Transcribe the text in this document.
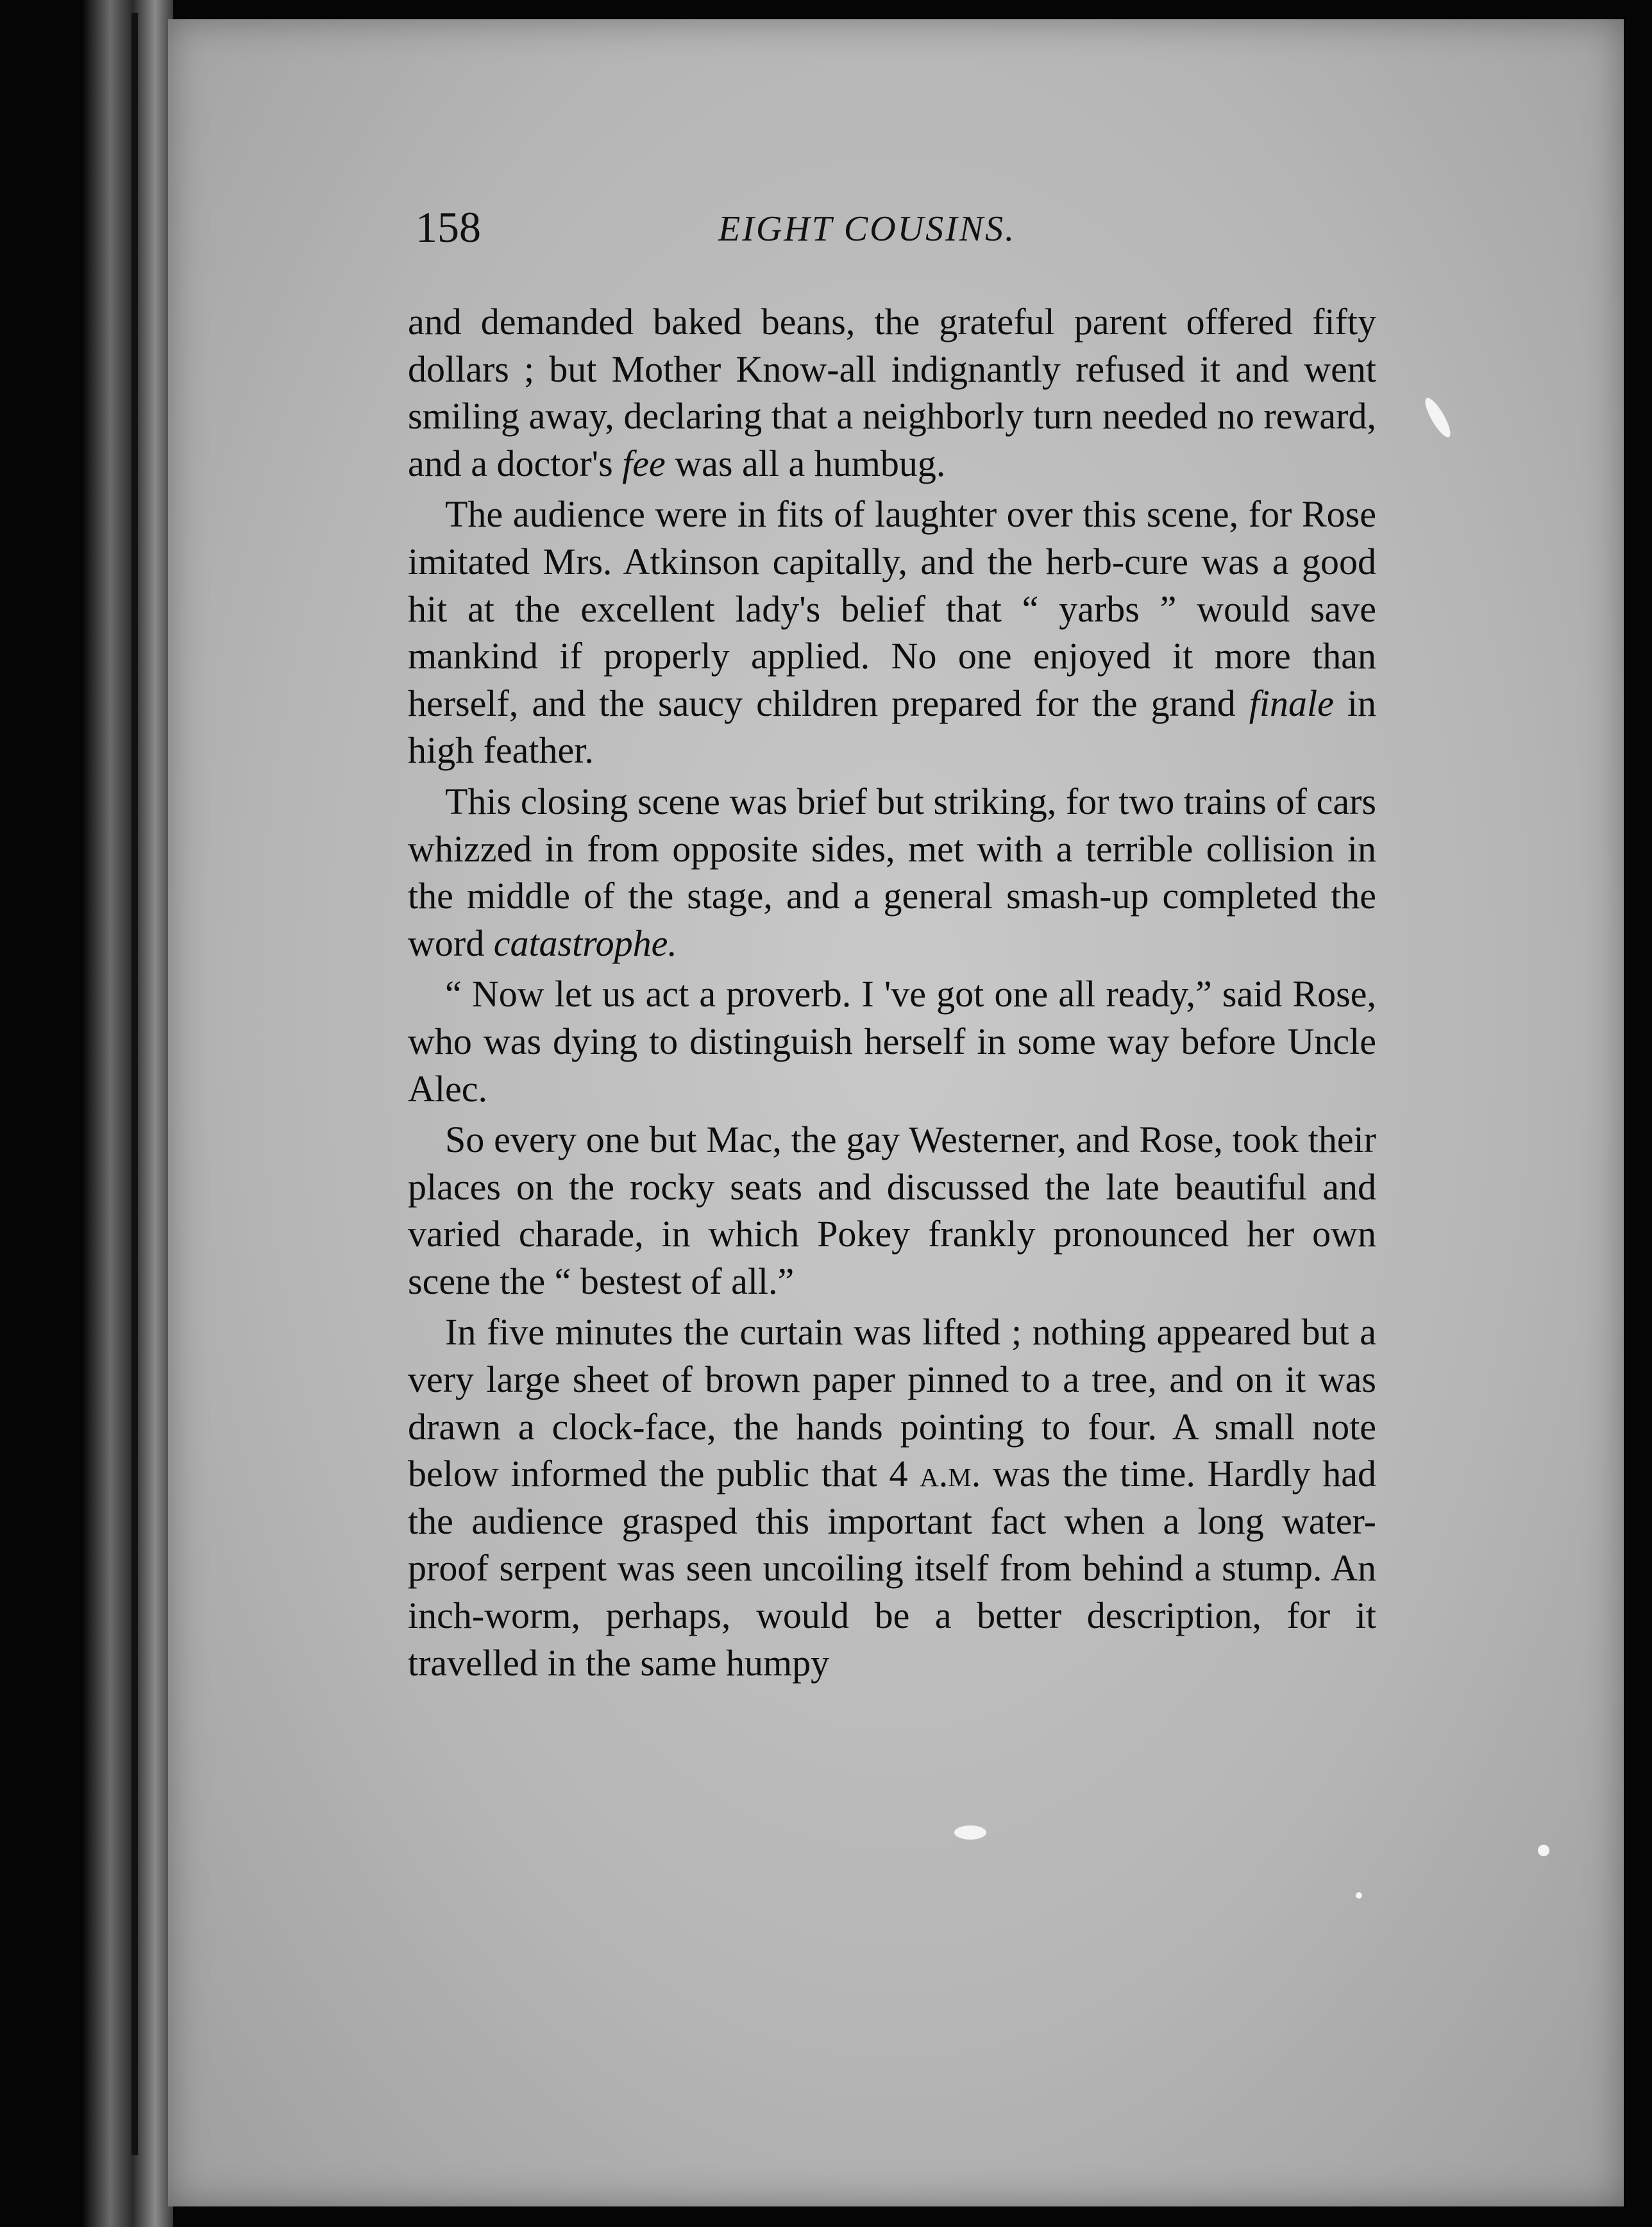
158	EIGHT COUSINS.

and demanded baked beans, the grateful parent offered fifty dollars ; but Mother Know-all indignantly refused it and went smiling away, declaring that a neighborly turn needed no reward, and a doctor's fee was all a humbug.

The audience were in fits of laughter over this scene, for Rose imitated Mrs. Atkinson capitally, and the herb-cure was a good hit at the excellent lady's belief that “ yarbs ” would save mankind if properly applied. No one enjoyed it more than herself, and the saucy children prepared for the grand finale in high feather.

This closing scene was brief but striking, for two trains of cars whizzed in from opposite sides, met with a terrible collision in the middle of the stage, and a general smash-up completed the word catastrophe.

“ Now let us act a proverb. I 've got one all ready,” said Rose, who was dying to distinguish herself in some way before Uncle Alec.

So every one but Mac, the gay Westerner, and Rose, took their places on the rocky seats and discussed the late beautiful and varied charade, in which Pokey frankly pronounced her own scene the “ bestest of all.”

In five minutes the curtain was lifted ; nothing appeared but a very large sheet of brown paper pinned to a tree, and on it was drawn a clock-face, the hands pointing to four. A small note below informed the public that 4 a.m. was the time. Hardly had the audience grasped this important fact when a long water-proof serpent was seen uncoiling itself from behind a stump. An inch-worm, perhaps, would be a better description, for it travelled in the same humpy
